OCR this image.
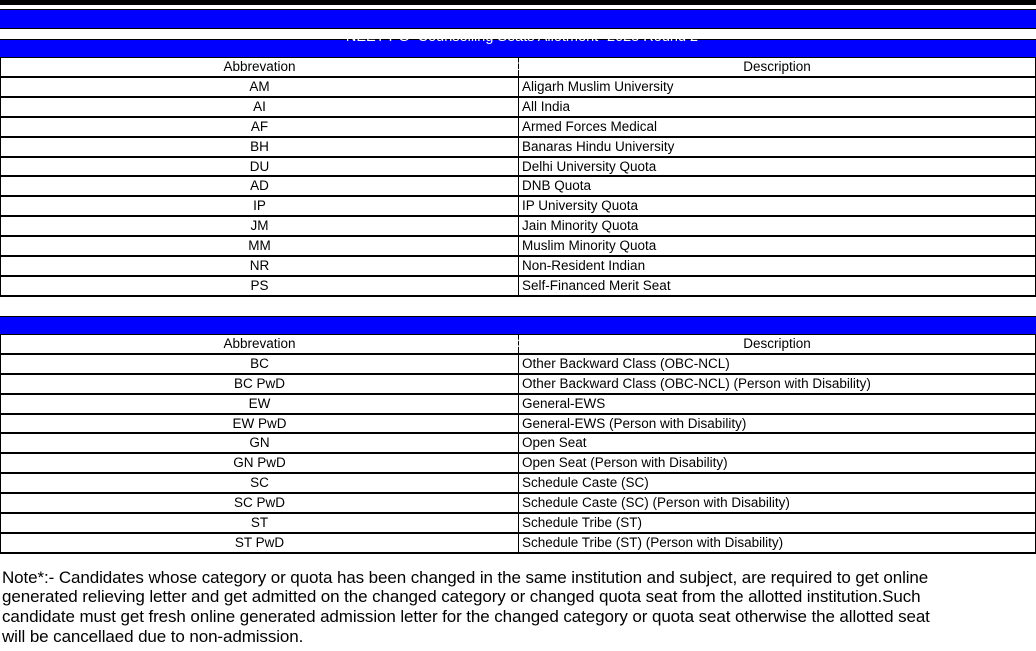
NEET-PG  Counselling Seats Allotment -2025 Round 2

Quota Abbrevation

Abbrevation	Description
AM	Aligarh Muslim University
AI	All India
AF	Armed Forces Medical
BH	Banaras Hindu University
DU	Delhi University Quota
AD	DNB Quota
IP	IP University Quota
JM	Jain Minority Quota
MM	Muslim Minority Quota
NR	Non-Resident Indian
PS	Self-Financed Merit Seat

Allotted Category Abbrevations

Abbrevation	Description
BC	Other Backward Class (OBC-NCL)
BC PwD	Other Backward Class (OBC-NCL) (Person with Disability)
EW	General-EWS
EW PwD	General-EWS (Person with Disability)
GN	Open Seat
GN PwD	Open Seat (Person with Disability)
SC	Schedule Caste (SC)
SC PwD	Schedule Caste (SC) (Person with Disability)
ST	Schedule Tribe (ST)
ST PwD	Schedule Tribe (ST) (Person with Disability)
Note*:- Candidates whose category or quota has been changed in the same institution and subject, are required to get online
generated relieving letter and get admitted on the changed category or changed quota seat from the allotted institution.Such
candidate must get fresh online generated admission letter for the changed category or quota seat otherwise the allotted seat
will be cancellaed due to non-admission.
